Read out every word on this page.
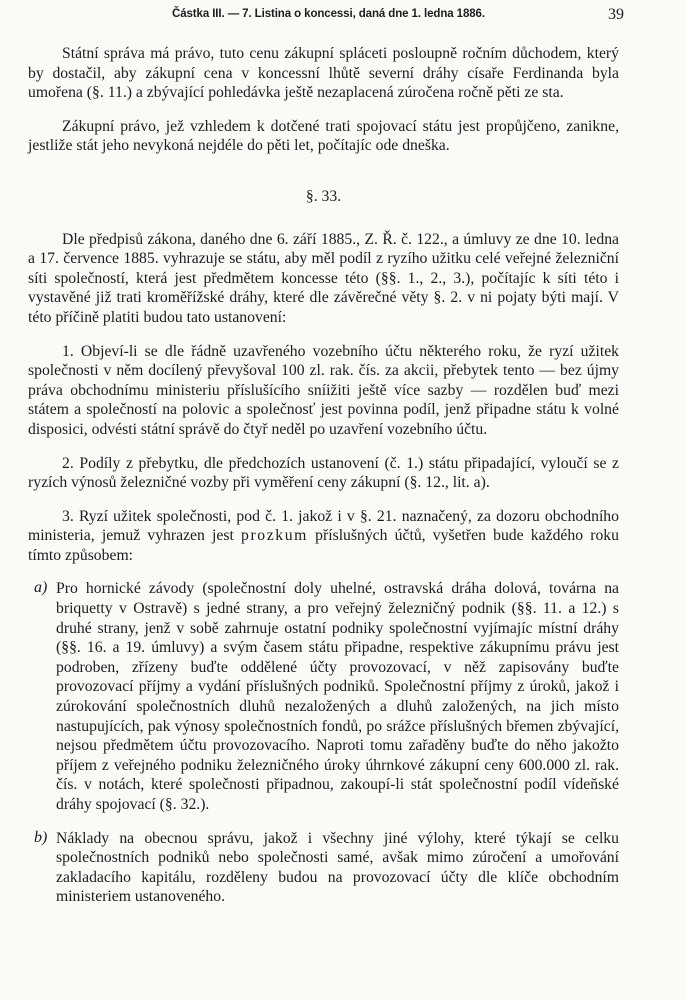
Částka III. — 7. Listina o koncessi, daná dne 1. ledna 1886.	39

Státní správa má právo, tuto cenu zákupní spláceti posloupně ročním důchodem, který by dostačil, aby zákupní cena v koncessní lhůtě severní dráhy císaře Ferdinanda byla umořena (§. 11.) a zbývající pohledávka ještě nezaplacená zúročena ročně pěti ze sta.

Zákupní právo, jež vzhledem k dotčené trati spojovací státu jest propůjčeno, zanikne, jestliže stát jeho nevykoná nejdéle do pěti let, počítajíc ode dneška.

§. 33.

Dle předpisů zákona, daného dne 6. září 1885., Z. Ř. č. 122., a úmluvy ze dne 10. ledna a 17. července 1885. vyhrazuje se státu, aby měl podíl z ryzího užitku celé veřejné železniční síti společností, která jest předmětem koncesse této (§§. 1., 2., 3.), počítajíc k síti této i vystavěné již trati kroměřížské dráhy, které dle závěrečné věty §. 2. v ni pojaty býti mají. V této příčině platiti budou tato ustanovení:

1. Objeví-li se dle řádně uzavřeného vozebního účtu některého roku, že ryzí užitek společnosti v něm docílený převyšoval 100 zl. rak. čís. za akcii, přebytek tento — bez újmy práva obchodnímu ministeriu příslušícího sníižiti ještě více sazby — rozdělen buď mezi státem a společností na polovic a společnosť jest povinna podíl, jenž připadne státu k volné disposici, odvésti státní správě do čtyř neděl po uzavření vozebního účtu.

2. Podíly z přebytku, dle předchozích ustanovení (č. 1.) státu připadající, vyloučí se z ryzích výnosů železničné vozby při vyměření ceny zákupní (§. 12., lit. a).

3. Ryzí užitek společnosti, pod č. 1. jakož i v §. 21. naznačený, za dozoru obchodního ministeria, jemuž vyhrazen jest prozkum příslušných účtů, vyšetřen bude každého roku tímto způsobem:

a) Pro hornické závody (společnostní doly uhelné, ostravská dráha dolová, továrna na briquetty v Ostravě) s jedné strany, a pro veřejný železničný podnik (§§. 11. a 12.) s druhé strany, jenž v sobě zahrnuje ostatní podniky společnostní vyjímajíc místní dráhy (§§. 16. a 19. úmluvy) a svým časem státu připadne, respektive zákupnímu právu jest podroben, zřízeny buďte oddělené účty provozovací, v něž zapisovány buďte provozovací příjmy a vydání příslušných podniků. Společnostní příjmy z úroků, jakož i zúrokování společnostních dluhů nezaložených a dluhů založených, na jich místo nastupujících, pak výnosy společnostních fondů, po srážce příslušných břemen zbývající, nejsou předmětem účtu provozovacího. Naproti tomu zařaděny buďte do něho jakožto příjem z veřejného podniku železničného úroky úhrnkové zákupní ceny 600.000 zl. rak. čís. v notách, které společnosti připadnou, zakoupí-li stát společnostní podíl vídeňské dráhy spojovací (§. 32.).

b) Náklady na obecnou správu, jakož i všechny jiné výlohy, které týkají se celku společnostních podniků nebo společnosti samé, avšak mimo zúročení a umořování zakladacího kapitálu, rozděleny budou na provozovací účty dle klíče obchodním ministeriem ustanoveného.
